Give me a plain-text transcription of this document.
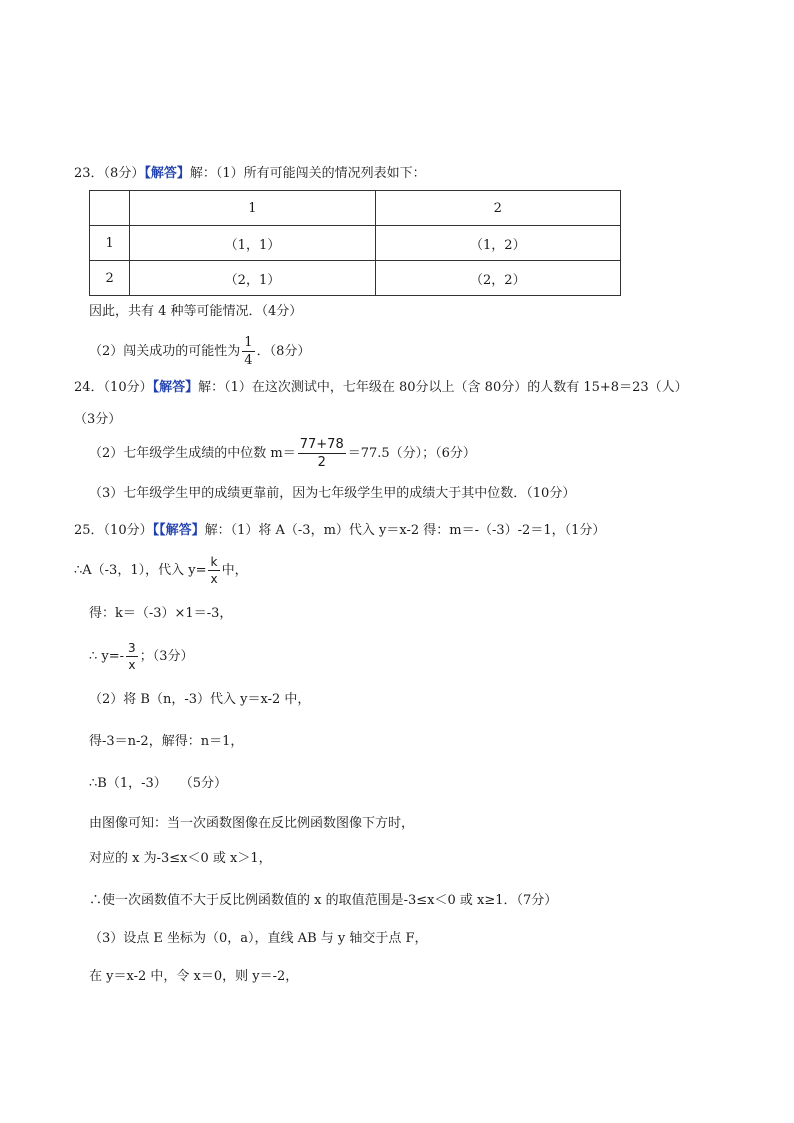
23．（8分）【解答】解：（1）所有可能闯关的情况列表如下：
	1	2
1	（1，1）	（1，2）
2	（2，1）	（2，2）
因此，共有 4 种等可能情况．（4分）
（2）闯关成功的可能性为 $\frac{1}{4}$ ．（8分）
24．（10分）【解答】解：（1）在这次测试中，七年级在 80分以上（含 80分）的人数有 15+8＝23（人）
（3分）
（2）七年级学生成绩的中位数 $m= \frac{77+78}{2} =77.5$（分）；（6分）
（3）七年级学生甲的成绩更靠前，因为七年级学生甲的成绩大于其中位数．（10分）
25．（10分）【【解答】解：（1）将 A（-3，m）代入 y＝x-2 得：m＝-（-3）-2＝1，（1分）
∴A（-3，1），代入 $y= \frac{k}{x}$ 中，
得：k＝（-3）×1＝-3，
∴ $y=- \frac{3}{x}$ ；（3分）
（2）将 B（n，-3）代入 y＝x-2 中，
得-3＝n-2，解得：n＝1，
∴B（1，-3）　　（5分）
由图像可知：当一次函数图像在反比例函数图像下方时，
对应的 x 为-3≤x＜0 或 x＞1，
∴使一次函数值不大于反比例函数值的 x 的取值范围是-3≤x＜0 或 x≥1．（7分）
（3）设点 E 坐标为（0，a），直线 AB 与 y 轴交于点 F，
在 y＝x-2 中，令 x＝0，则 y＝-2，
